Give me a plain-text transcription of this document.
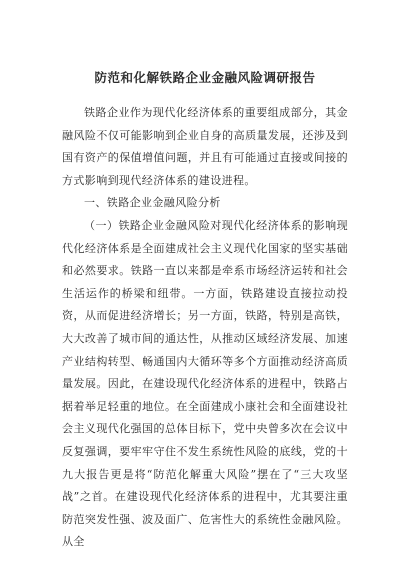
防范和化解铁路企业金融风险调研报告

铁路企业作为现代化经济体系的重要组成部分，其金融风险不仅可能影响到企业自身的高质量发展，还涉及到国有资产的保值增值问题，并且有可能通过直接或间接的方式影响到现代经济体系的建设进程。

一、铁路企业金融风险分析

（一）铁路企业金融风险对现代化经济体系的影响现代化经济体系是全面建成社会主义现代化国家的坚实基础和必然要求。铁路一直以来都是牵系市场经济运转和社会生活运作的桥梁和纽带。一方面，铁路建设直接拉动投资，从而促进经济增长；另一方面，铁路，特别是高铁，大大改善了城市间的通达性，从推动区域经济发展、加速产业结构转型、畅通国内大循环等多个方面推动经济高质量发展。因此，在建设现代化经济体系的进程中，铁路占据着举足轻重的地位。在全面建成小康社会和全面建设社会主义现代化强国的总体目标下，党中央曾多次在会议中反复强调，要牢牢守住不发生系统性风险的底线，党的十九大报告更是将“防范化解重大风险”摆在了“三大攻坚战”之首。在建设现代化经济体系的进程中，尤其要注重防范突发性强、波及面广、危害性大的系统性金融风险。从全
